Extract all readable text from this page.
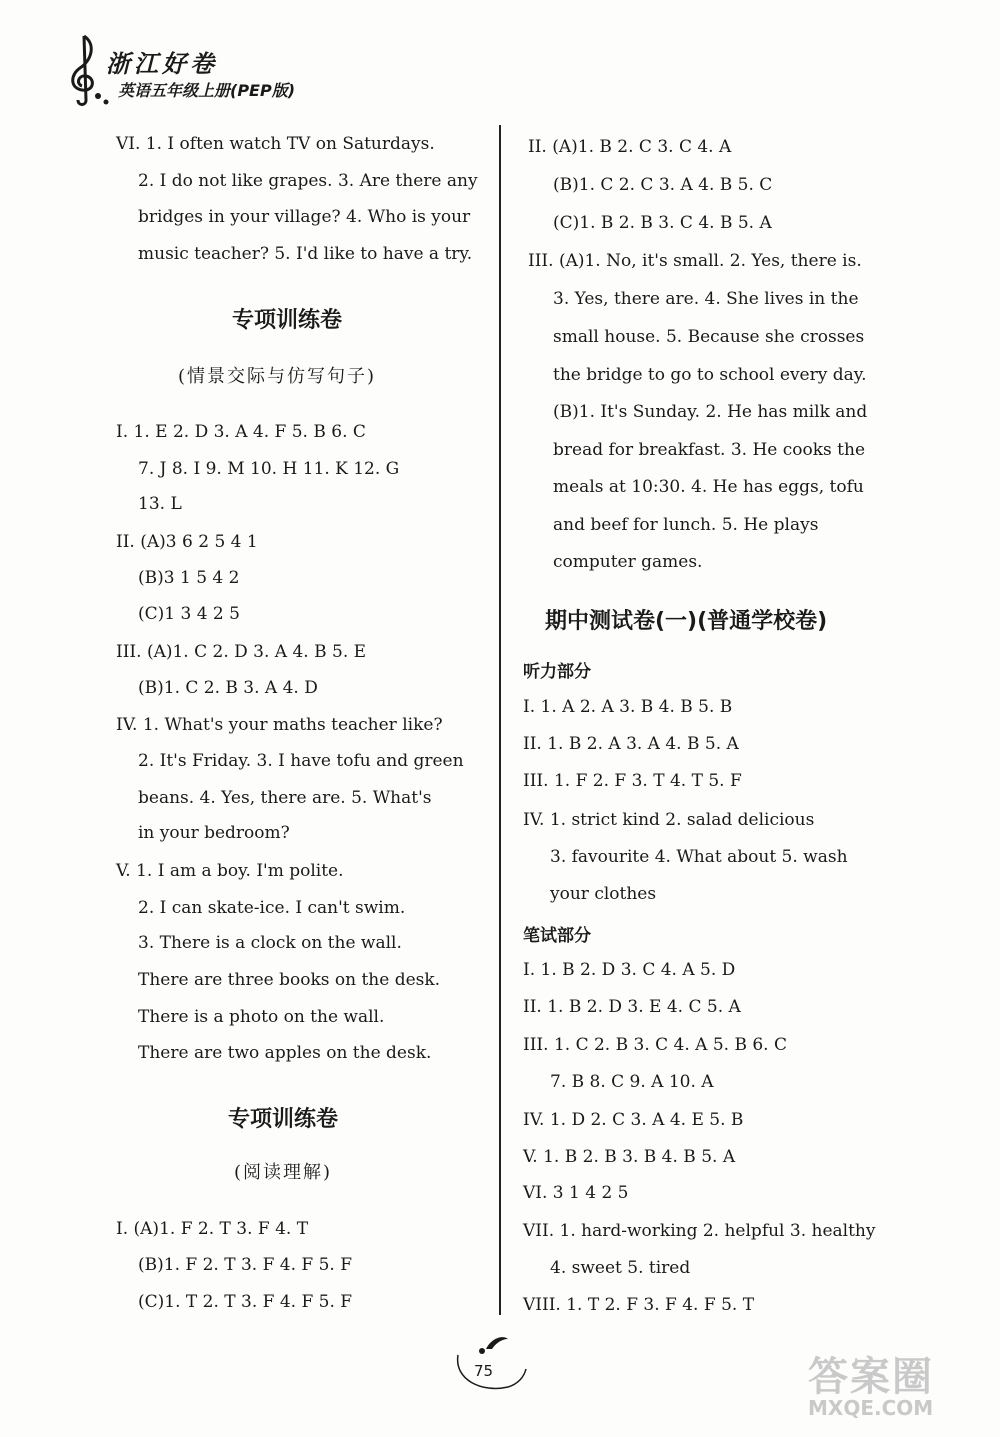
浙江好卷
英语五年级上册(PEP版)
VI. 1. I often watch TV on Saturdays.
2. I do not like grapes. 3. Are there any
bridges in your village? 4. Who is your
music teacher? 5. I'd like to have a try.
专项训练卷
(情景交际与仿写句子)
I. 1. E 2. D 3. A 4. F 5. B 6. C
7. J 8. I 9. M 10. H 11. K 12. G
13. L
II. (A)3 6 2 5 4 1
(B)3 1 5 4 2
(C)1 3 4 2 5
III. (A)1. C 2. D 3. A 4. B 5. E
(B)1. C 2. B 3. A 4. D
IV. 1. What's your maths teacher like?
2. It's Friday. 3. I have tofu and green
beans. 4. Yes, there are. 5. What's
in your bedroom?
V. 1. I am a boy. I'm polite.
2. I can skate-ice. I can't swim.
3. There is a clock on the wall.
There are three books on the desk.
There is a photo on the wall.
There are two apples on the desk.
专项训练卷
(阅读理解)
I. (A)1. F 2. T 3. F 4. T
(B)1. F 2. T 3. F 4. F 5. F
(C)1. T 2. T 3. F 4. F 5. F
II. (A)1. B 2. C 3. C 4. A
(B)1. C 2. C 3. A 4. B 5. C
(C)1. B 2. B 3. C 4. B 5. A
III. (A)1. No, it's small. 2. Yes, there is.
3. Yes, there are. 4. She lives in the
small house. 5. Because she crosses
the bridge to go to school every day.
(B)1. It's Sunday. 2. He has milk and
bread for breakfast. 3. He cooks the
meals at 10:30. 4. He has eggs, tofu
and beef for lunch. 5. He plays
computer games.
期中测试卷(一)(普通学校卷)
听力部分
I. 1. A 2. A 3. B 4. B 5. B
II. 1. B 2. A 3. A 4. B 5. A
III. 1. F 2. F 3. T 4. T 5. F
IV. 1. strict kind 2. salad delicious
3. favourite 4. What about 5. wash
your clothes
笔试部分
I. 1. B 2. D 3. C 4. A 5. D
II. 1. B 2. D 3. E 4. C 5. A
III. 1. C 2. B 3. C 4. A 5. B 6. C
7. B 8. C 9. A 10. A
IV. 1. D 2. C 3. A 4. E 5. B
V. 1. B 2. B 3. B 4. B 5. A
VI. 3 1 4 2 5
VII. 1. hard-working 2. helpful 3. healthy
4. sweet 5. tired
VIII. 1. T 2. F 3. F 4. F 5. T
75	答案圈
MXQE.COM
